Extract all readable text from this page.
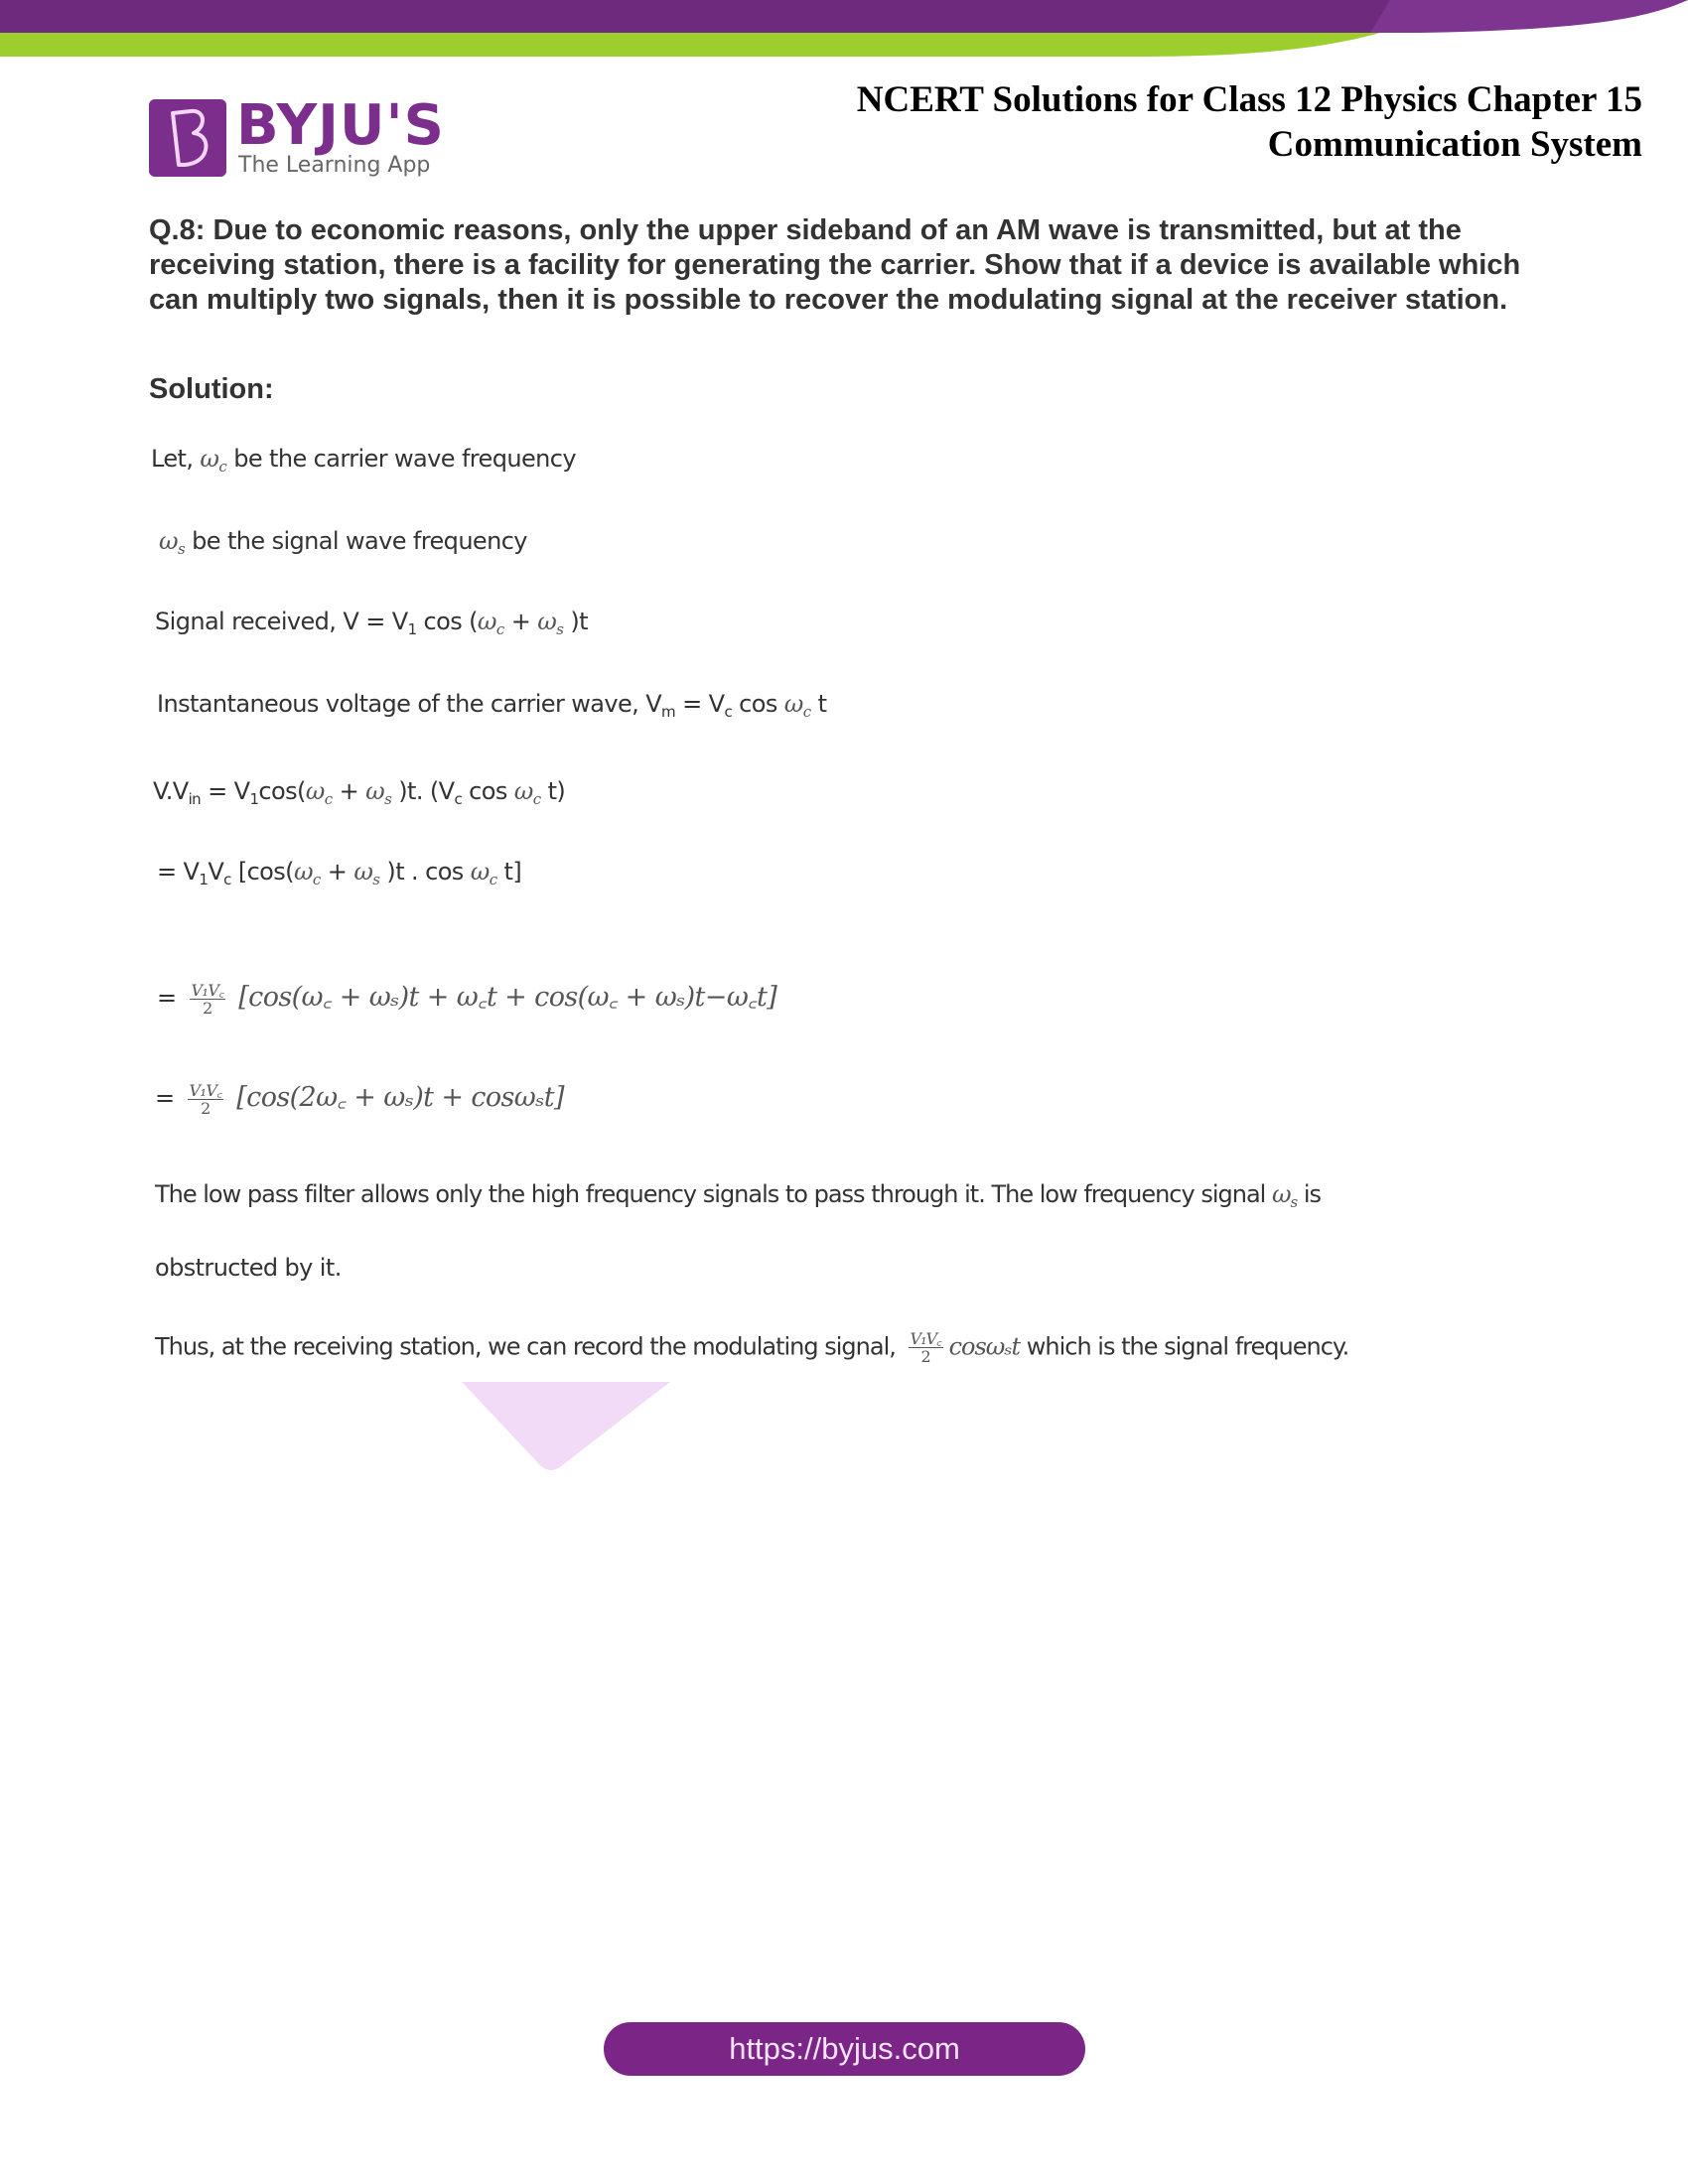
BYJU'S
The Learning App
NCERT Solutions for Class 12 Physics Chapter 15
Communication System
Q.8: Due to economic reasons, only the upper sideband of an AM wave is transmitted, but at the receiving station, there is a facility for generating the carrier. Show that if a device is available which can multiply two signals, then it is possible to recover the modulating signal at the receiver station.
Solution:
Let, $\omega_c$ be the carrier wave frequency
$\omega_s$ be the signal wave frequency
Signal received, $V = V_1$ $\cos (\omega_c + \omega_s$ )t
Instantaneous voltage of the carrier wave, $V_m = V_c$ $\cos \omega_c$ t
$V.V_{in} = V_1\cos(\omega_c + \omega_s$ )t. ($V_c$ $\cos \omega_c$ t)
= $V_1V_c$ [$\cos(\omega_c + \omega_s$ )t . $\cos \omega_c$ t]
= $\frac{\text{V₁V꜀}}{2}$ [cos(ω꜀ + ωₛ)t + ω꜀t + cos(ω꜀ + ωₛ)t−ω꜀t]
= $\frac{\text{V₁V꜀}}{2}$ [cos(2ω꜀ + ωₛ)t + cosωₛt]
The low pass filter allows only the high frequency signals to pass through it. The low frequency signal $\omega_s$ is
obstructed by it.
Thus, at the receiving station, we can record the modulating signal, $\frac{\text{V₁V꜀}}{2}$ cosωₛt which is the signal frequency.
https://byjus.com
